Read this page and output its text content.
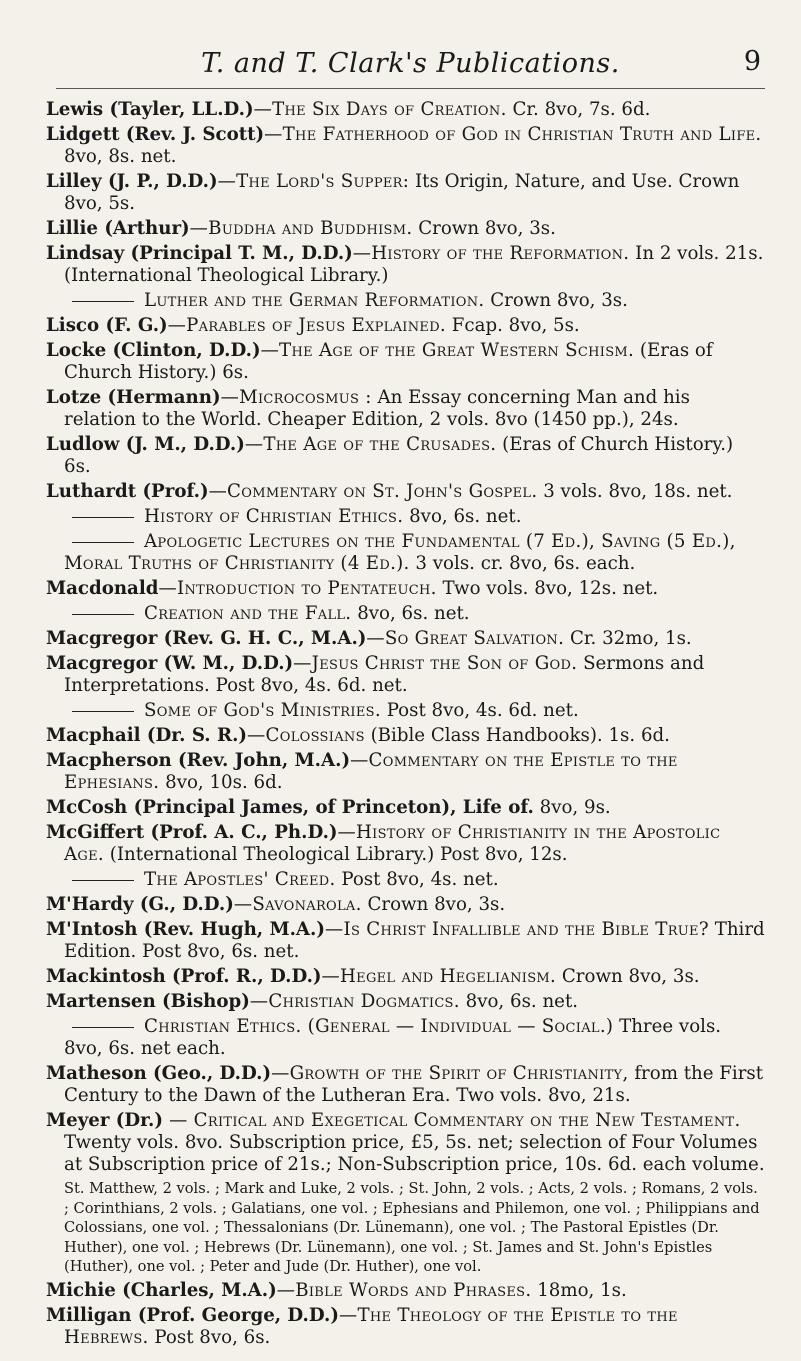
T. and T. Clark's Publications.	9

Lewis (Tayler, LL.D.)—The Six Days of Creation. Cr. 8vo, 7s. 6d.

Lidgett (Rev. J. Scott)—The Fatherhood of God in Christian Truth and Life. 8vo, 8s. net.

Lilley (J. P., D.D.)—The Lord's Supper: Its Origin, Nature, and Use. Crown 8vo, 5s.

Lillie (Arthur)—Buddha and Buddhism. Crown 8vo, 3s.

Lindsay (Principal T. M., D.D.)—History of the Reformation. In 2 vols. 21s. (International Theological Library.)

Luther and the German Reformation. Crown 8vo, 3s.

Lisco (F. G.)—Parables of Jesus Explained. Fcap. 8vo, 5s.

Locke (Clinton, D.D.)—The Age of the Great Western Schism. (Eras of Church History.) 6s.

Lotze (Hermann)—Microcosmus : An Essay concerning Man and his relation to the World. Cheaper Edition, 2 vols. 8vo (1450 pp.), 24s.

Ludlow (J. M., D.D.)—The Age of the Crusades. (Eras of Church History.) 6s.

Luthardt (Prof.)—Commentary on St. John's Gospel. 3 vols. 8vo, 18s. net.

History of Christian Ethics. 8vo, 6s. net.

Apologetic Lectures on the Fundamental (7 Ed.), Saving (5 Ed.), Moral Truths of Christianity (4 Ed.). 3 vols. cr. 8vo, 6s. each.

Macdonald—Introduction to Pentateuch. Two vols. 8vo, 12s. net.

Creation and the Fall. 8vo, 6s. net.

Macgregor (Rev. G. H. C., M.A.)—So Great Salvation. Cr. 32mo, 1s.

Macgregor (W. M., D.D.)—Jesus Christ the Son of God. Sermons and Interpretations. Post 8vo, 4s. 6d. net.

Some of God's Ministries. Post 8vo, 4s. 6d. net.

Macphail (Dr. S. R.)—Colossians (Bible Class Handbooks). 1s. 6d.

Macpherson (Rev. John, M.A.)—Commentary on the Epistle to the Ephesians. 8vo, 10s. 6d.

McCosh (Principal James, of Princeton), Life of. 8vo, 9s.

McGiffert (Prof. A. C., Ph.D.)—History of Christianity in the Apostolic Age. (International Theological Library.) Post 8vo, 12s.

The Apostles' Creed. Post 8vo, 4s. net.

M'Hardy (G., D.D.)—Savonarola. Crown 8vo, 3s.

M'Intosh (Rev. Hugh, M.A.)—Is Christ Infallible and the Bible True? Third Edition. Post 8vo, 6s. net.

Mackintosh (Prof. R., D.D.)—Hegel and Hegelianism. Crown 8vo, 3s.

Martensen (Bishop)—Christian Dogmatics. 8vo, 6s. net.

Christian Ethics. (General — Individual — Social.) Three vols. 8vo, 6s. net each.

Matheson (Geo., D.D.)—Growth of the Spirit of Christianity, from the First Century to the Dawn of the Lutheran Era. Two vols. 8vo, 21s.

Meyer (Dr.) — Critical and Exegetical Commentary on the New Testament. Twenty vols. 8vo. Subscription price, £5, 5s. net; selection of Four Volumes at Subscription price of 21s.; Non-Subscription price, 10s. 6d. each volume.

St. Matthew, 2 vols. ; Mark and Luke, 2 vols. ; St. John, 2 vols. ; Acts, 2 vols. ; Romans, 2 vols. ; Corinthians, 2 vols. ; Galatians, one vol. ; Ephesians and Philemon, one vol. ; Philippians and Colossians, one vol. ; Thessalonians (Dr. Lünemann), one vol. ; The Pastoral Epistles (Dr. Huther), one vol. ; Hebrews (Dr. Lünemann), one vol. ; St. James and St. John's Epistles (Huther), one vol. ; Peter and Jude (Dr. Huther), one vol.

Michie (Charles, M.A.)—Bible Words and Phrases. 18mo, 1s.

Milligan (Prof. George, D.D.)—The Theology of the Epistle to the Hebrews. Post 8vo, 6s.
